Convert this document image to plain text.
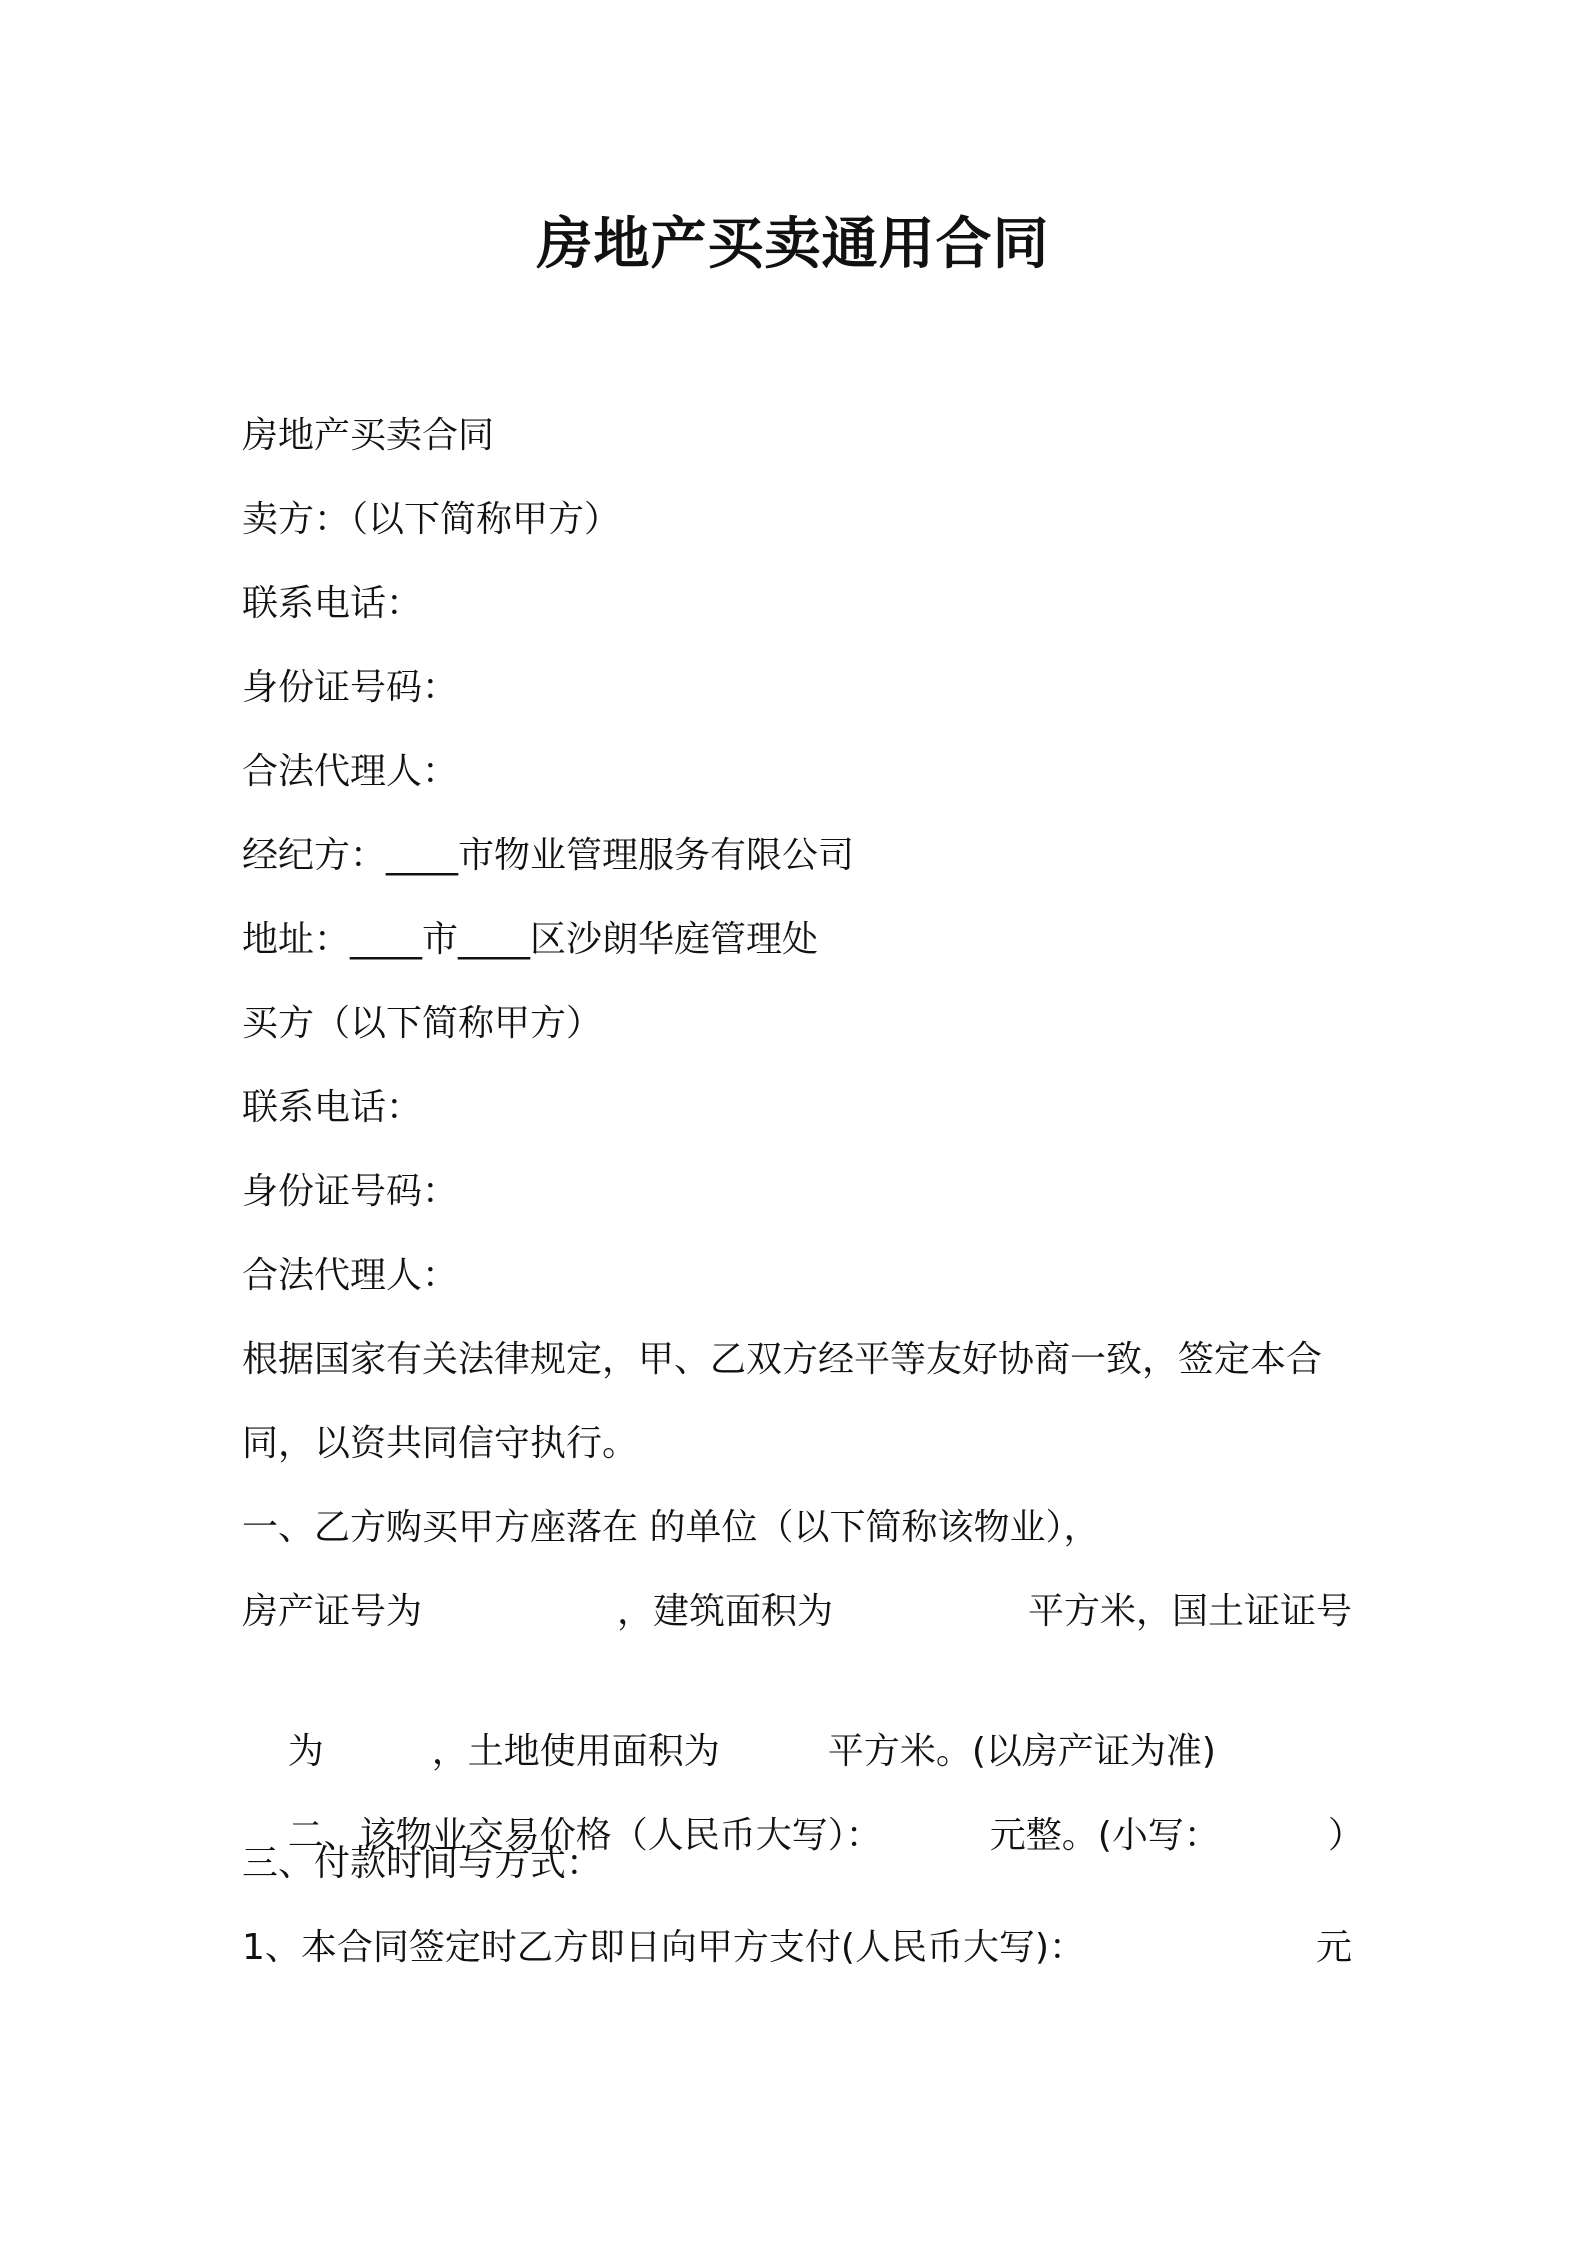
房地产买卖通用合同
房地产买卖合同
卖方：（以下简称甲方）
联系电话：
身份证号码：
合法代理人：
经纪方：____市物业管理服务有限公司
地址：____市____区沙朗华庭管理处
买方（以下简称甲方）
联系电话：
身份证号码：
合法代理人：
根据国家有关法律规定，甲、乙双方经平等友好协商一致，签定本合
同，以资共同信守执行。
一、乙方购买甲方座落在 的单位（以下简称该物业），
房产证号为	，建筑面积为	平方米，国土证证号

为	，土地使用面积为	平方米。(以房产证为准)

二、该物业交易价格（人民币大写）：	元整。(小写：	）

三、付款时间与方式：
1、本合同签定时乙方即日向甲方支付(人民币大写)：	元
